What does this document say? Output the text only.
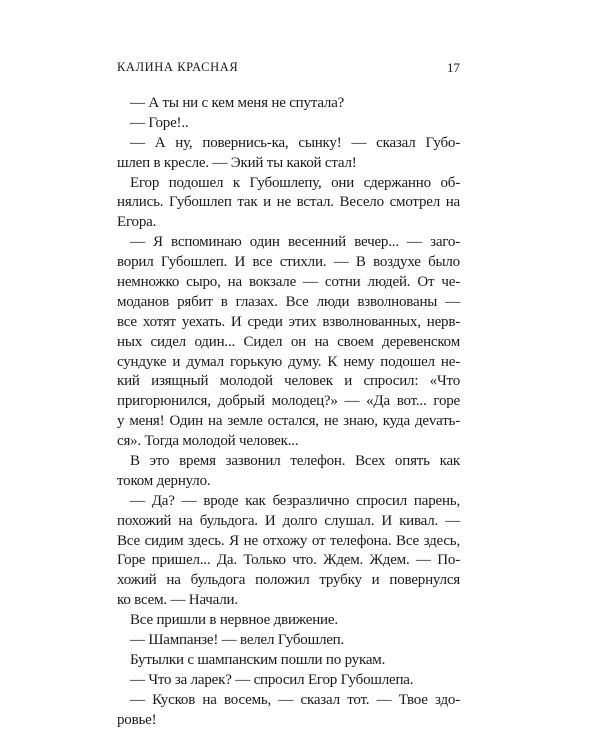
КАЛИНА КРАСНАЯ	17
— А ты ни с кем меня не спутала?
— Горе!..
— А ну, повернись-ка, сынку! — сказал Губо-
шлеп в кресле. — Экий ты какой стал!
Егор подошел к Губошлепу, они сдержанно об-
нялись. Губошлеп так и не встал. Весело смотрел на
Егора.
— Я вспоминаю один весенний вечер... — заго-
ворил Губошлеп. И все стихли. — В воздухе было
немножко сыро, на вокзале — сотни людей. От че-
моданов рябит в глазах. Все люди взволнованы —
все хотят уехать. И среди этих взволнованных, нерв-
ных сидел один... Сидел он на своем деревенском
сундуке и думал горькую думу. К нему подошел не-
кий изящный молодой человек и спросил: «Что
пригорюнился, добрый молодец?» — «Да вот... горе
у меня! Один на земле остался, не знаю, куда деvать-
ся». Тогда молодой человек...
В это время зазвонил телефон. Всех опять как
током дернуло.
— Да? — вроде как безразлично спросил парень,
похожий на бульдога. И долго слушал. И кивал. —
Все сидим здесь. Я не отхожу от телефона. Все здесь,
Горе пришел... Да. Только что. Ждем. Ждем. — По-
хожий на бульдога положил трубку и повернулся
ко всем. — Начали.
Все пришли в нервное движение.
— Шампанзе! — велел Губошлеп.
Бутылки с шампанским пошли по рукам.
— Что за ларек? — спросил Егор Губошлепа.
— Кусков на восемь, — сказал тот. — Твое здо-
ровье!
